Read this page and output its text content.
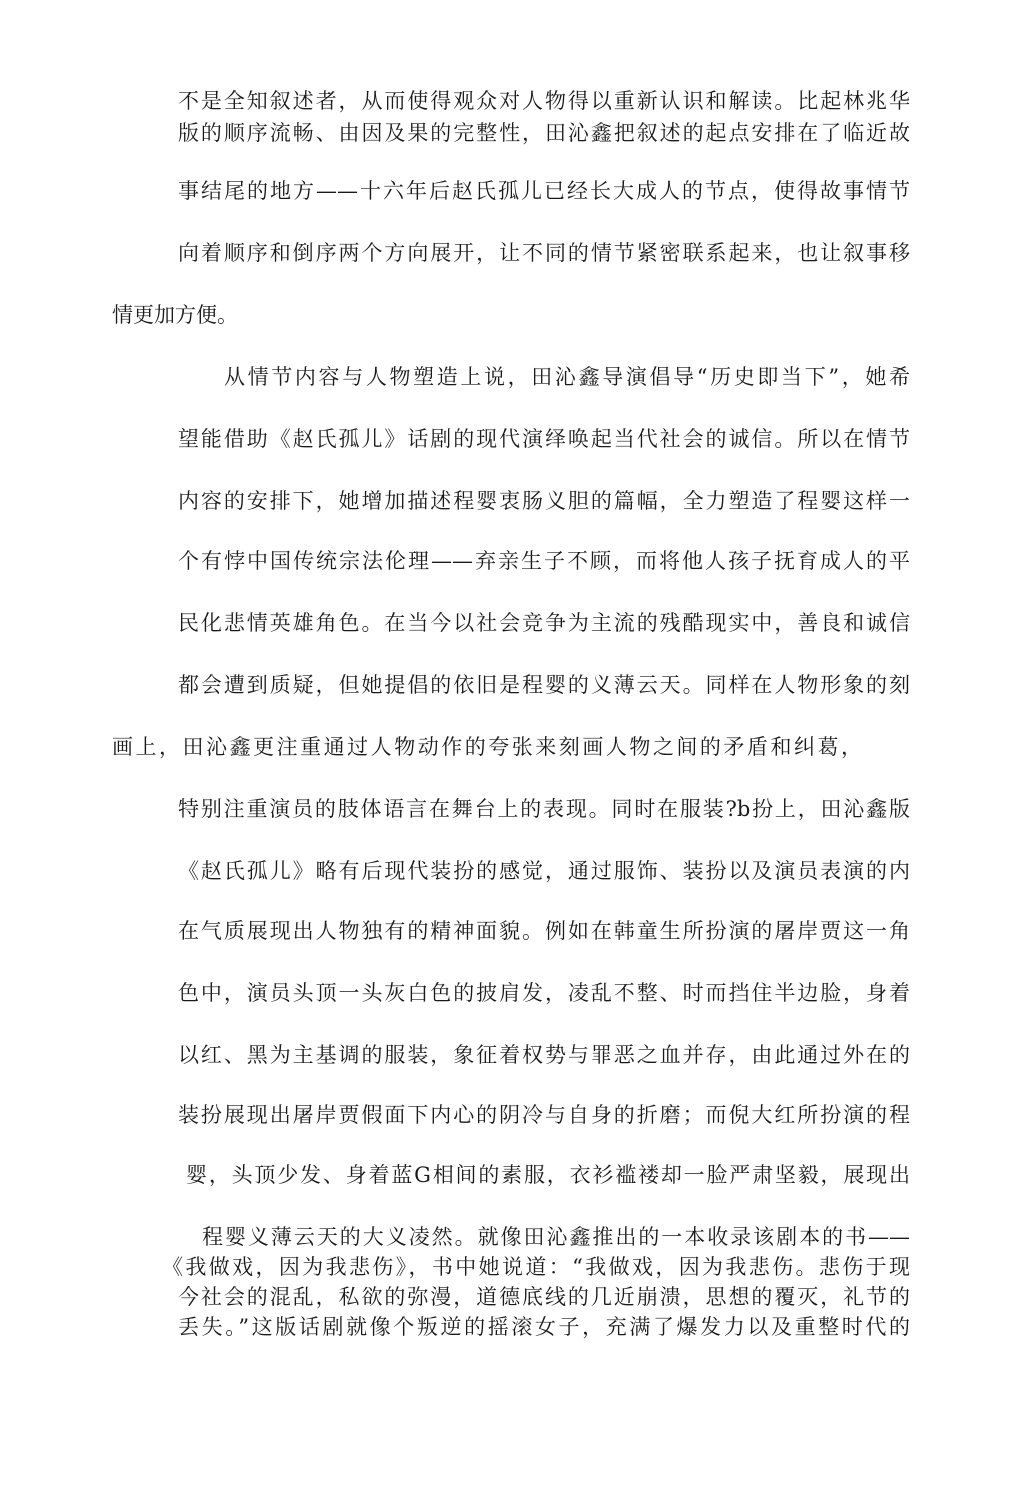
不是全知叙述者，从而使得观众对人物得以重新认识和解读。比起林兆华
版的顺序流畅、由因及果的完整性，田沁鑫把叙述的起点安排在了临近故
事结尾的地方——十六年后赵氏孤儿已经长大成人的节点，使得故事情节
向着顺序和倒序两个方向展开，让不同的情节紧密联系起来，也让叙事移
情更加方便。
从情节内容与人物塑造上说，田沁鑫导演倡导“历史即当下”，她希
望能借助《赵氏孤儿》话剧的现代演绎唤起当代社会的诚信。所以在情节
内容的安排下，她增加描述程婴衷肠义胆的篇幅，全力塑造了程婴这样一
个有悖中国传统宗法伦理——弃亲生子不顾，而将他人孩子抚育成人的平
民化悲情英雄角色。在当今以社会竞争为主流的残酷现实中，善良和诚信
都会遭到质疑，但她提倡的依旧是程婴的义薄云天。同样在人物形象的刻
画上，田沁鑫更注重通过人物动作的夸张来刻画人物之间的矛盾和纠葛，
特别注重演员的肢体语言在舞台上的表现。同时在服装?b扮上，田沁鑫版
《赵氏孤儿》略有后现代装扮的感觉，通过服饰、装扮以及演员表演的内
在气质展现出人物独有的精神面貌。例如在韩童生所扮演的屠岸贾这一角
色中，演员头顶一头灰白色的披肩发，凌乱不整、时而挡住半边脸，身着
以红、黑为主基调的服装，象征着权势与罪恶之血并存，由此通过外在的
装扮展现出屠岸贾假面下内心的阴冷与自身的折磨；而倪大红所扮演的程
婴，头顶少发、身着蓝G相间的素服，衣衫褴褛却一脸严肃坚毅，展现出
程婴义薄云天的大义凌然。就像田沁鑫推出的一本收录该剧本的书——
《我做戏，因为我悲伤》，书中她说道：“我做戏，因为我悲伤。悲伤于现
今社会的混乱，私欲的弥漫，道德底线的几近崩溃，思想的覆灭，礼节的
丢失。”这版话剧就像个叛逆的摇滚女子，充满了爆发力以及重整时代的
